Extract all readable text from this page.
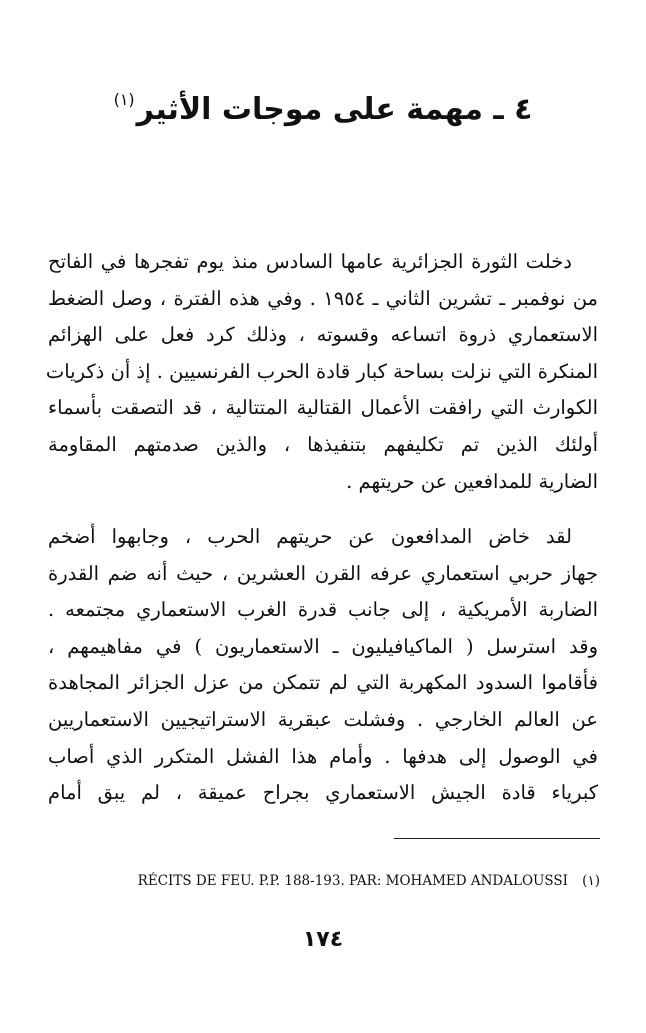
٤ ـ مهمة على موجات الأثير$^{(١)}$
دخلت الثورة الجزائرية عامها السادس منذ يوم تفجرها في الفاتح
من نوفمبر ـ تشرين الثاني ـ ١٩٥٤ . وفي هذه الفترة ، وصل الضغط
الاستعماري ذروة اتساعه وقسوته ، وذلك كرد فعل على الهزائم
المنكرة التي نزلت بساحة كبار قادة الحرب الفرنسيين . إذ أن ذكريات
الكوارث التي رافقت الأعمال القتالية المتتالية ، قد التصقت بأسماء
أولئك الذين تم تكليفهم بتنفيذها ، والذين صدمتهم المقاومة
الضارية للمدافعين عن حريتهم .
لقد خاض المدافعون عن حريتهم الحرب ، وجابهوا أضخم
جهاز حربي استعماري عرفه القرن العشرين ، حيث أنه ضم القدرة
الضاربة الأمريكية ، إلى جانب قدرة الغرب الاستعماري مجتمعه .
وقد استرسل ( الماكيافيليون ـ الاستعماريون ) في مفاهيمهم ،
فأقاموا السدود المكهربة التي لم تتمكن من عزل الجزائر المجاهدة
عن العالم الخارجي . وفشلت عبقرية الاستراتيجيين الاستعماريين
في الوصول إلى هدفها . وأمام هذا الفشل المتكرر الذي أصاب
كبرياء قادة الجيش الاستعماري بجراح عميقة ، لم يبق أمام
RÉCITS DE FEU. P.P. 188-193. PAR: MOHAMED ANDALOUSSI (١)
١٧٤
